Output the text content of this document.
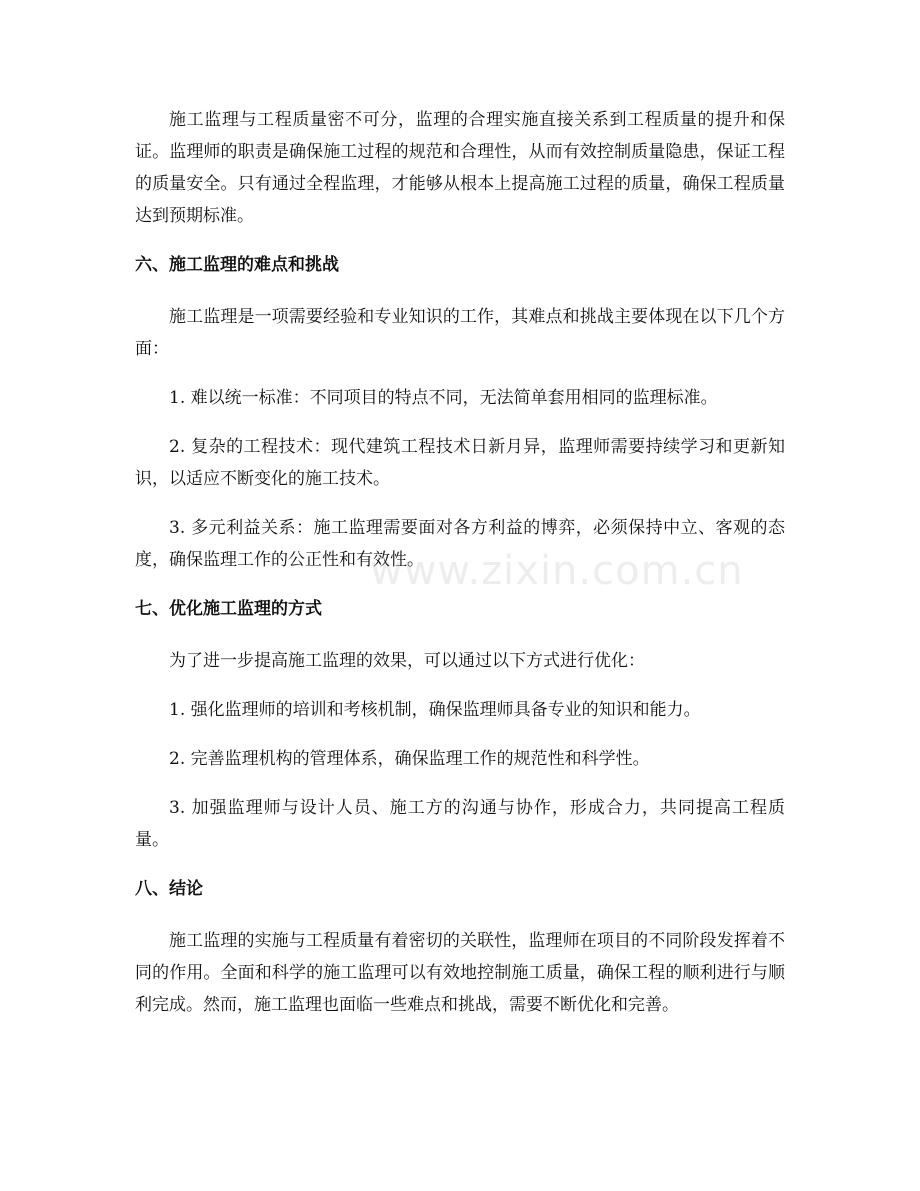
施工监理与工程质量密不可分，监理的合理实施直接关系到工程质量的提升和保证。监理师的职责是确保施工过程的规范和合理性，从而有效控制质量隐患，保证工程的质量安全。只有通过全程监理，才能够从根本上提高施工过程的质量，确保工程质量达到预期标准。

六、施工监理的难点和挑战

施工监理是一项需要经验和专业知识的工作，其难点和挑战主要体现在以下几个方面：

1. 难以统一标准：不同项目的特点不同，无法简单套用相同的监理标准。

2. 复杂的工程技术：现代建筑工程技术日新月异，监理师需要持续学习和更新知识，以适应不断变化的施工技术。

3. 多元利益关系：施工监理需要面对各方利益的博弈，必须保持中立、客观的态度，确保监理工作的公正性和有效性。

七、优化施工监理的方式

为了进一步提高施工监理的效果，可以通过以下方式进行优化：

1. 强化监理师的培训和考核机制，确保监理师具备专业的知识和能力。

2. 完善监理机构的管理体系，确保监理工作的规范性和科学性。

3. 加强监理师与设计人员、施工方的沟通与协作，形成合力，共同提高工程质量。

八、结论

施工监理的实施与工程质量有着密切的关联性，监理师在项目的不同阶段发挥着不同的作用。全面和科学的施工监理可以有效地控制施工质量，确保工程的顺利进行与顺利完成。然而，施工监理也面临一些难点和挑战，需要不断优化和完善。

www.zixin.com.cn
